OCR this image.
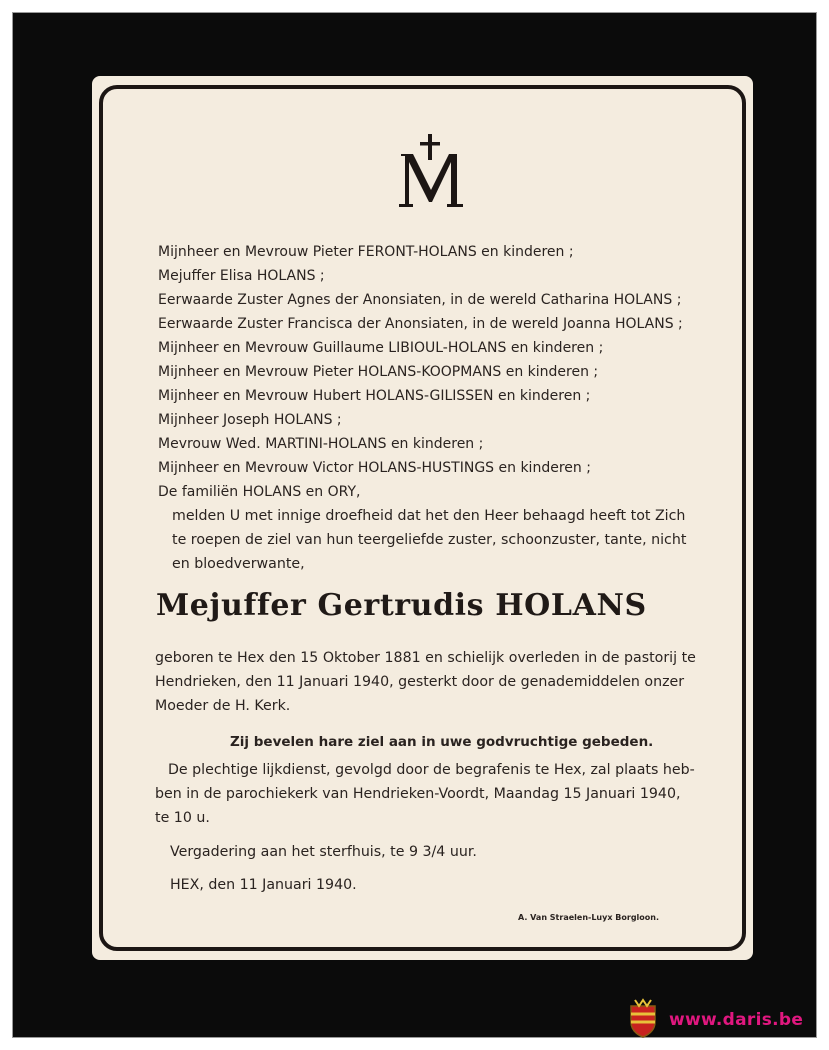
Mijnheer en Mevrouw Pieter FERONT-HOLANS en kinderen ;
Mejuffer Elisa HOLANS ;
Eerwaarde Zuster Agnes der Anonsiaten, in de wereld Catharina HOLANS ;
Eerwaarde Zuster Francisca der Anonsiaten, in de wereld Joanna HOLANS ;
Mijnheer en Mevrouw Guillaume LIBIOUL-HOLANS en kinderen ;
Mijnheer en Mevrouw Pieter HOLANS-KOOPMANS en kinderen ;
Mijnheer en Mevrouw Hubert HOLANS-GILISSEN en kinderen ;
Mijnheer Joseph HOLANS ;
Mevrouw Wed. MARTINI-HOLANS en kinderen ;
Mijnheer en Mevrouw Victor HOLANS-HUSTINGS en kinderen ;
De familiën HOLANS en ORY,
melden U met innige droefheid dat het den Heer behaagd heeft tot Zich
te roepen de ziel van hun teergeliefde zuster, schoonzuster, tante, nicht
en bloedverwante,
Mejuffer Gertrudis HOLANS
geboren te Hex den 15 Oktober 1881 en schielijk overleden in de pastorij te
Hendrieken, den 11 Januari 1940, gesterkt door de genademiddelen onzer
Moeder de H. Kerk.
Zij bevelen hare ziel aan in uwe godvruchtige gebeden.
De plechtige lijkdienst, gevolgd door de begrafenis te Hex, zal plaats heb-
ben in de parochiekerk van Hendrieken-Voordt, Maandag 15 Januari 1940,
te 10 u.
Vergadering aan het sterfhuis, te 9 3/4 uur.
HEX, den 11 Januari 1940.
A. Van Straelen-Luyx Borgloon.
www.daris.be
